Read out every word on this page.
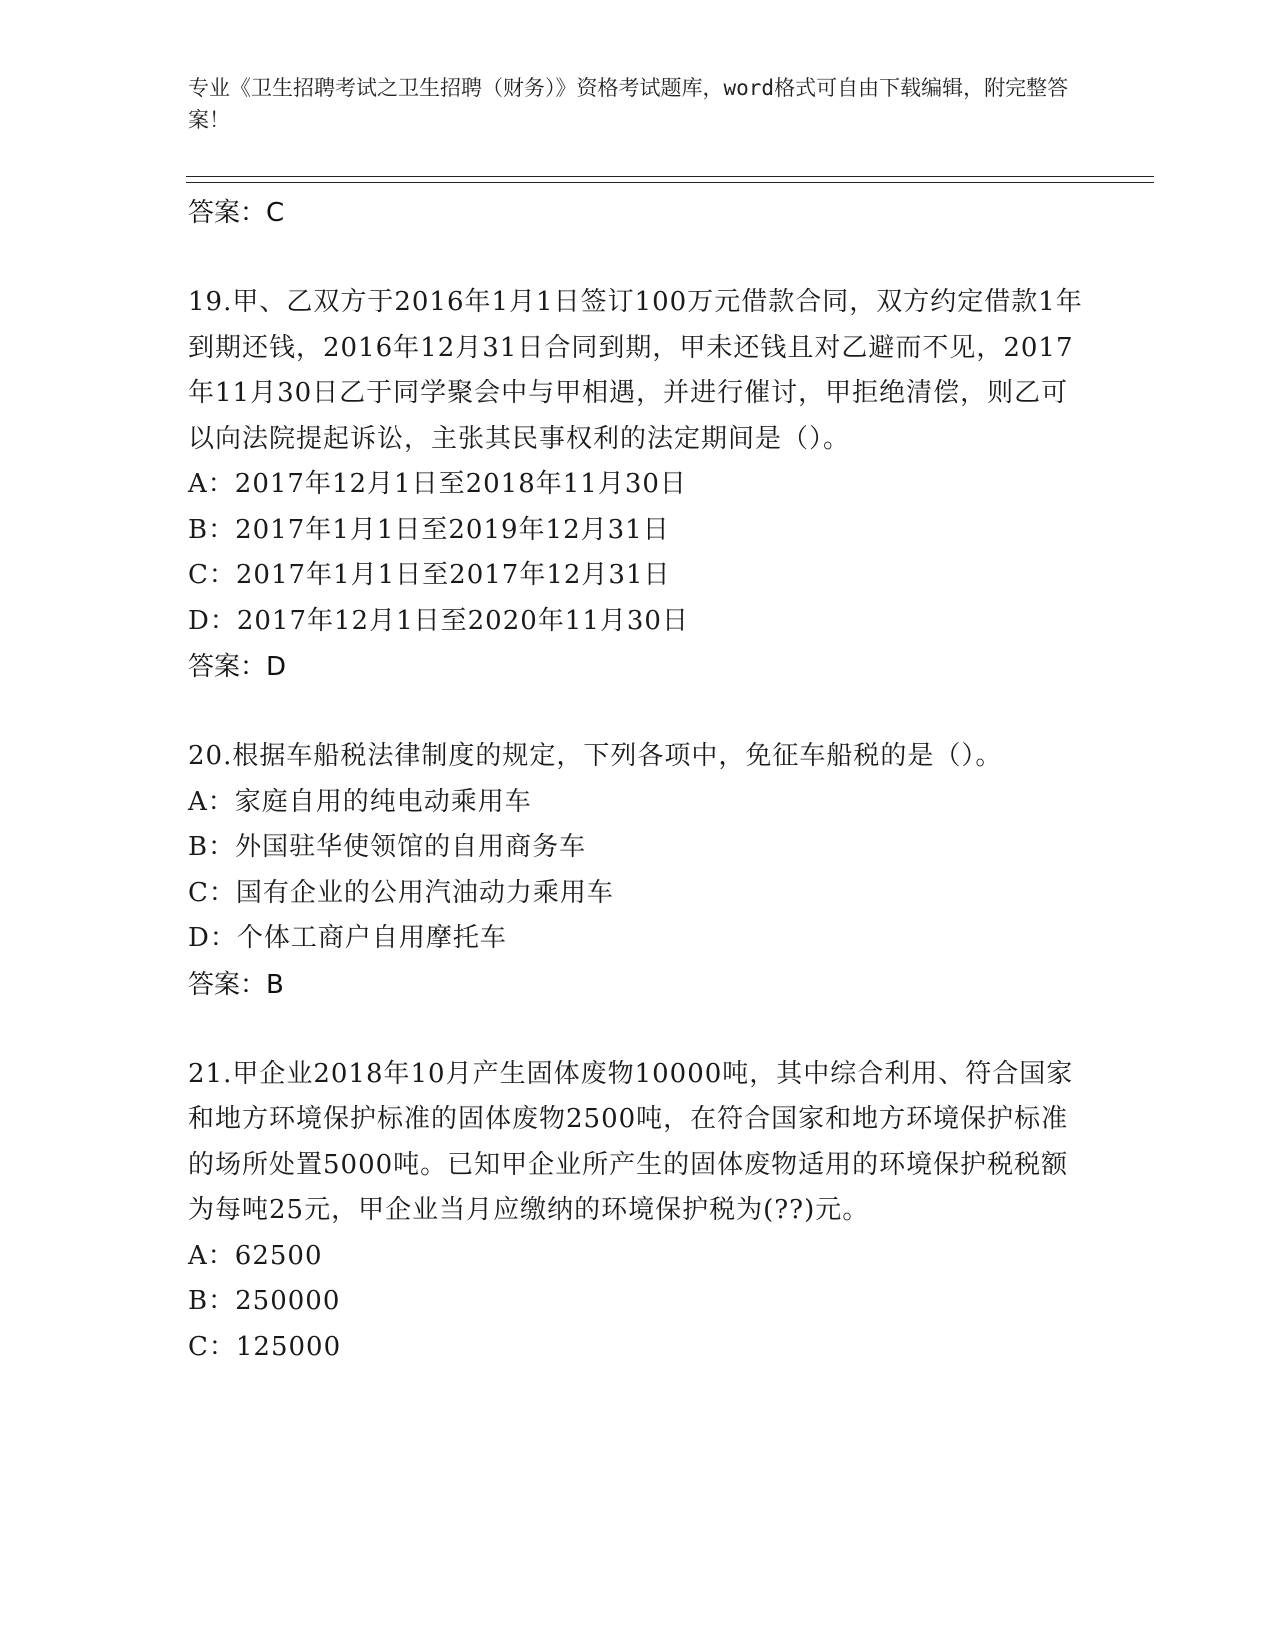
专业《卫生招聘考试之卫生招聘（财务）》资格考试题库，word格式可自由下载编辑，附完整答案！
答案：C
19.甲、乙双方于2016年1月1日签订100万元借款合同，双方约定借款1年到期还钱，2016年12月31日合同到期，甲未还钱且对乙避而不见，2017年11月30日乙于同学聚会中与甲相遇，并进行催讨，甲拒绝清偿，则乙可以向法院提起诉讼，主张其民事权利的法定期间是（）。
A：2017年12月1日至2018年11月30日
B：2017年1月1日至2019年12月31日
C：2017年1月1日至2017年12月31日
D：2017年12月1日至2020年11月30日
答案：D
20.根据车船税法律制度的规定，下列各项中，免征车船税的是（）。
A：家庭自用的纯电动乘用车
B：外国驻华使领馆的自用商务车
C：国有企业的公用汽油动力乘用车
D：个体工商户自用摩托车
答案：B
21.甲企业2018年10月产生固体废物10000吨，其中综合利用、符合国家和地方环境保护标准的固体废物2500吨，在符合国家和地方环境保护标准的场所处置5000吨。已知甲企业所产生的固体废物适用的环境保护税税额为每吨25元，甲企业当月应缴纳的环境保护税为(??)元。
A：62500
B：250000
C：125000
